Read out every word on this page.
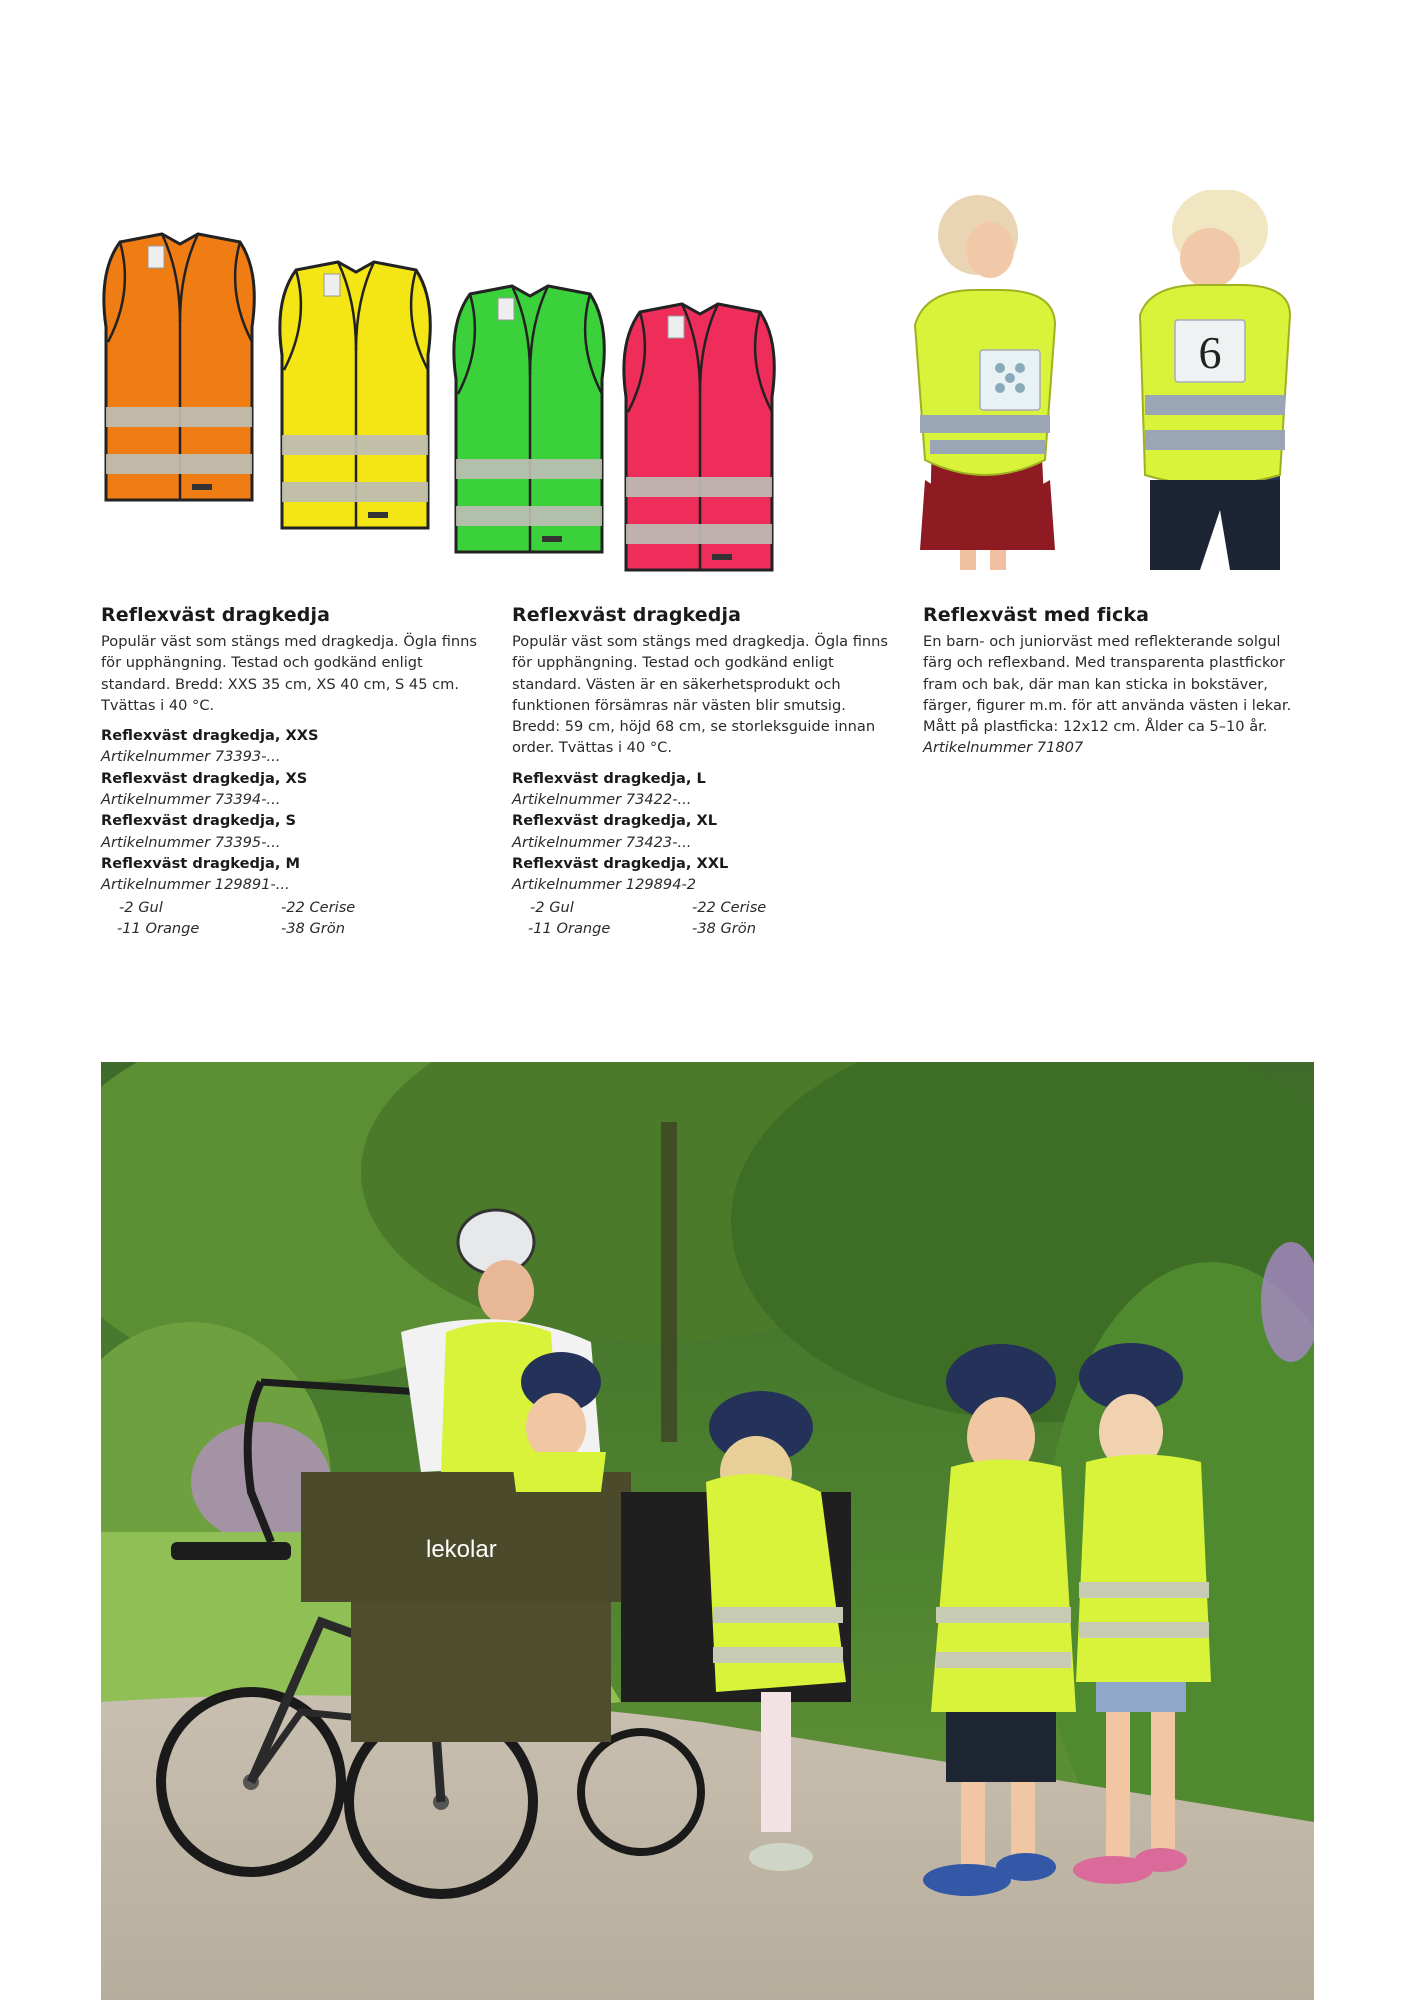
6
Reflexväst dragkedja

Populär väst som stängs med dragkedja. Ögla finns för upphängning. Testad och godkänd enligt standard. Bredd: XXS 35 cm, XS 40 cm, S 45 cm. Tvättas i 40 °C.

Reflexväst dragkedja, XXS
Artikelnummer 73393-...
Reflexväst dragkedja, XS
Artikelnummer 73394-...
Reflexväst dragkedja, S
Artikelnummer 73395-...
Reflexväst dragkedja, M
Artikelnummer 129891-...
-2 Gul	-22 Cerise
-11 Orange	-38 Grön
Reflexväst dragkedja

Populär väst som stängs med dragkedja. Ögla finns för upphängning. Testad och godkänd enligt standard. Västen är en säkerhetsprodukt och funktionen försämras när västen blir smutsig. Bredd: 59 cm, höjd 68 cm, se storleksguide innan order. Tvättas i 40 °C.

Reflexväst dragkedja, L
Artikelnummer 73422-...
Reflexväst dragkedja, XL
Artikelnummer 73423-...
Reflexväst dragkedja, XXL
Artikelnummer 129894-2
-2 Gul	-22 Cerise
-11 Orange	-38 Grön
Reflexväst med ficka

En barn- och juniorväst med reflekterande solgul färg och reflexband. Med transparenta plastfickor fram och bak, där man kan sticka in bokstäver, färger, figurer m.m. för att använda västen i lekar. Mått på plastficka: 12x12 cm. Ålder ca 5–10 år.

Artikelnummer 71807
lekolar
